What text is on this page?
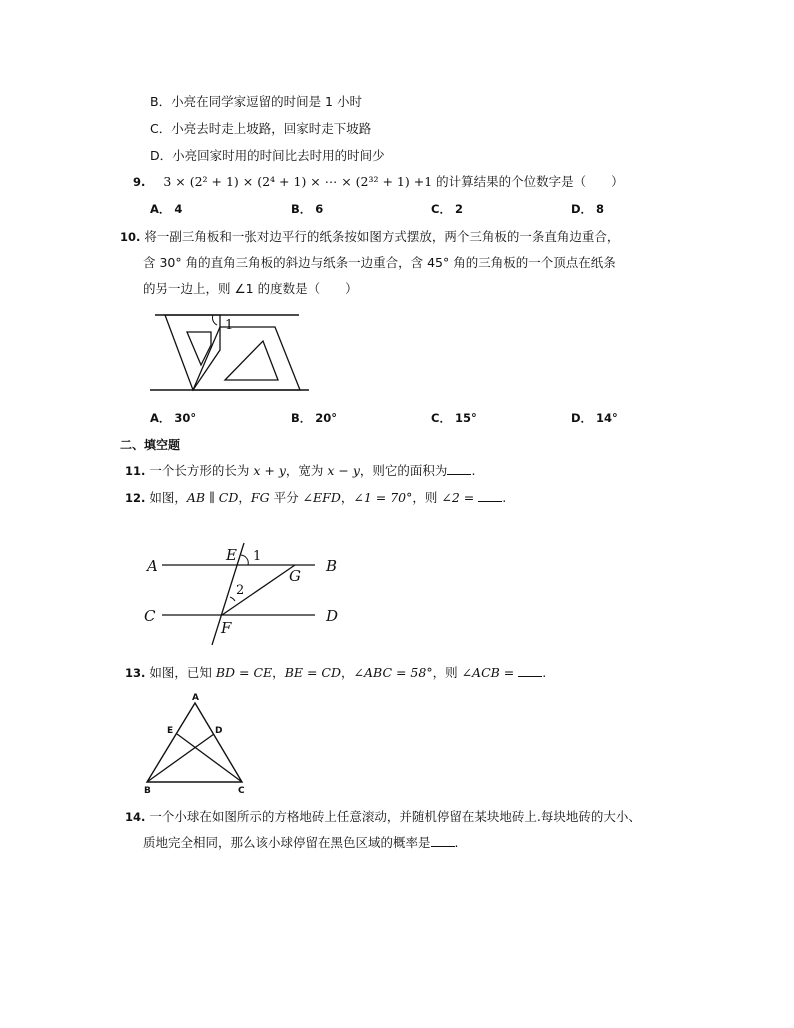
B．小亮在同学家逗留的时间是 1 小时
C．小亮去时走上坡路，回家时走下坡路
D．小亮回家时用的时间比去时用的时间少
9. 3 × (2² + 1) × (2⁴ + 1) × ⋯ × (2³² + 1) +1 的计算结果的个位数字是（　　）
A． 4	B． 6	C． 2	D． 8
10. 将一副三角板和一张对边平行的纸条按如图方式摆放，两个三角板的一条直角边重合，
含 30° 角的直角三角板的斜边与纸条一边重合，含 45° 角的三角板的一个顶点在纸条
的另一边上，则 ∠1 的度数是（　　）
1
A． 30°	B． 20°	C． 15°	D． 14°
二、填空题
11. 一个长方形的长为 x + y，宽为 x − y，则它的面积为 .
12. 如图，AB ∥ CD，FG 平分 ∠EFD，∠1 = 70°，则 ∠2 = .
A	B
C	D
E
F
G
1
2
13. 如图，已知 BD = CE，BE = CD，∠ABC = 58°，则 ∠ACB = .
A
E	D
B	C
14. 一个小球在如图所示的方格地砖上任意滚动，并随机停留在某块地砖上.每块地砖的大小、
质地完全相同，那么该小球停留在黑色区域的概率是 .
